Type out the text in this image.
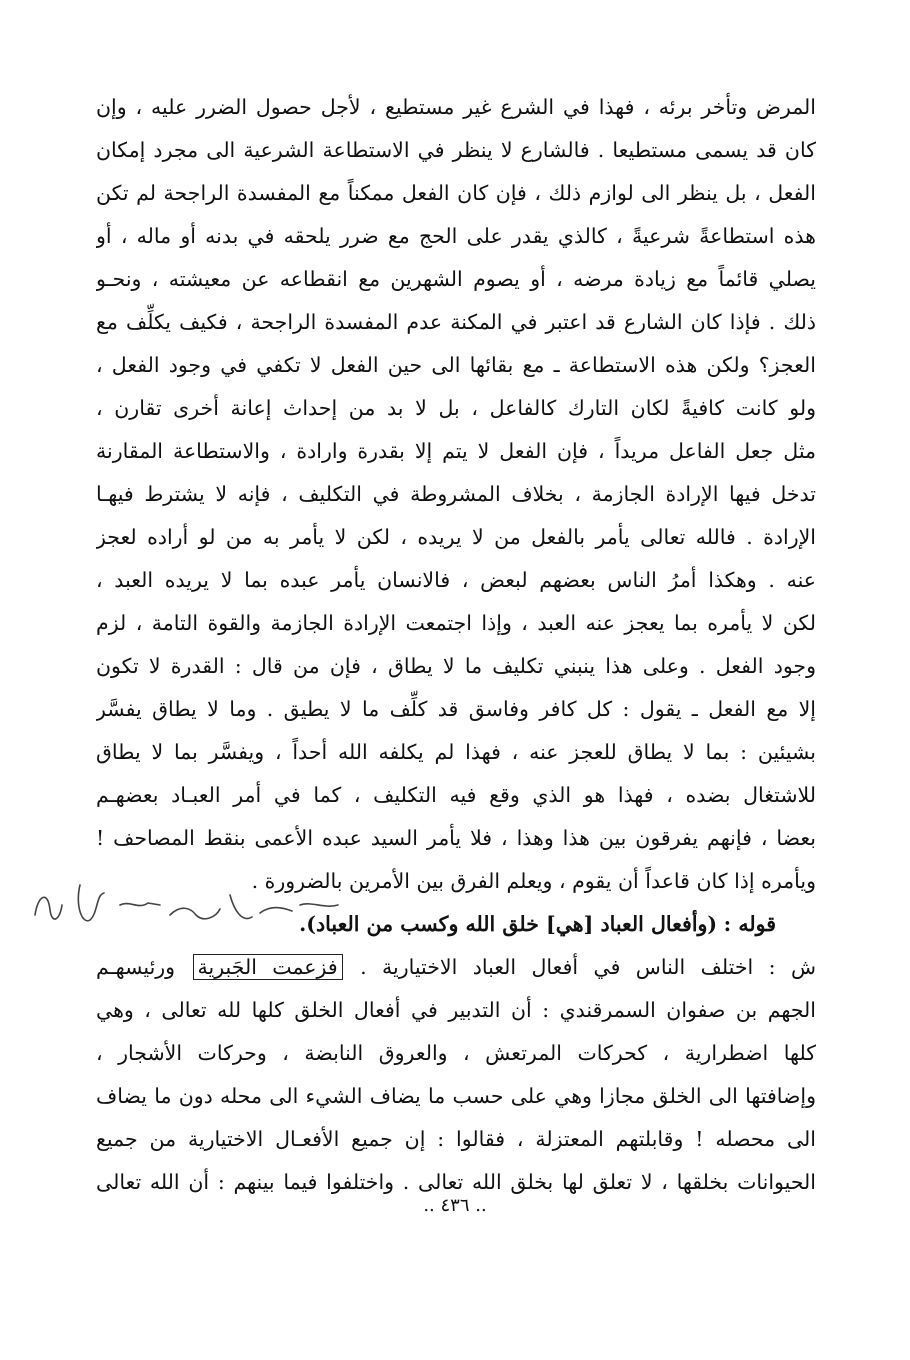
المرض وتأخر برئه ، فهذا في الشرع غير مستطيع ، لأجل حصول الضرر عليه ، وإن
كان قد يسمى مستطيعا . فالشارع لا ينظر في الاستطاعة الشرعية الى مجرد إمكان
الفعل ، بل ينظر الى لوازم ذلك ، فإن كان الفعل ممكناً مع المفسدة الراجحة لم تكن
هذه استطاعةً شرعيةً ، كالذي يقدر على الحج مع ضرر يلحقه في بدنه أو ماله ، أو
يصلي قائماً مع زيادة مرضه ، أو يصوم الشهرين مع انقطاعه عن معيشته ، ونحـو
ذلك . فإذا كان الشارع قد اعتبر في المكنة عدم المفسدة الراجحة ، فكيف يكلِّف مع
العجز؟ ولكن هذه الاستطاعة ـ مع بقائها الى حين الفعل لا تكفي في وجود الفعل ،
ولو كانت كافيةً لكان التارك كالفاعل ، بل لا بد من إحداث إعانة أخرى تقارن ،
مثل جعل الفاعل مريداً ، فإن الفعل لا يتم إلا بقدرة وارادة ، والاستطاعة المقارنة
تدخل فيها الإرادة الجازمة ، بخلاف المشروطة في التكليف ، فإنه لا يشترط فيهـا
الإرادة . فالله تعالى يأمر بالفعل من لا يريده ، لكن لا يأمر به من لو أراده لعجز
عنه . وهكذا أمرُ الناس بعضهم لبعض ، فالانسان يأمر عبده بما لا يريده العبد ،
لكن لا يأمره بما يعجز عنه العبد ، وإذا اجتمعت الإرادة الجازمة والقوة التامة ، لزم
وجود الفعل . وعلى هذا ينبني تكليف ما لا يطاق ، فإن من قال : القدرة لا تكون
إلا مع الفعل ـ يقول : كل كافر وفاسق قد كلِّف ما لا يطيق . وما لا يطاق يفسَّر
بشيئين : بما لا يطاق للعجز عنه ، فهذا لم يكلفه الله أحداً ، ويفسَّر بما لا يطاق
للاشتغال بضده ، فهذا هو الذي وقع فيه التكليف ، كما في أمر العبـاد بعضهـم
بعضا ، فإنهم يفرقون بين هذا وهذا ، فلا يأمر السيد عبده الأعمى بنقط المصاحف !
ويأمره إذا كان قاعداً أن يقوم ، ويعلم الفرق بين الأمرين بالضرورة .
قوله : (وأفعال العباد [هي] خلق الله وكسب من العباد).
ش : اختلف الناس في أفعال العباد الاختيارية . فزعمت الجَبرية ورئيسهـم
الجهم بن صفوان السمرقندي : أن التدبير في أفعال الخلق كلها لله تعالى ، وهي
كلها اضطرارية ، كحركات المرتعش ، والعروق النابضة ، وحركات الأشجار ،
وإضافتها الى الخلق مجازا وهي على حسب ما يضاف الشيء الى محله دون ما يضاف
الى محصله ! وقابلتهم المعتزلة ، فقالوا : إن جميع الأفعـال الاختيارية من جميع
الحيوانات بخلقها ، لا تعلق لها بخلق الله تعالى . واختلفوا فيما بينهم : أن الله تعالى
.. ٤٣٦ ..
